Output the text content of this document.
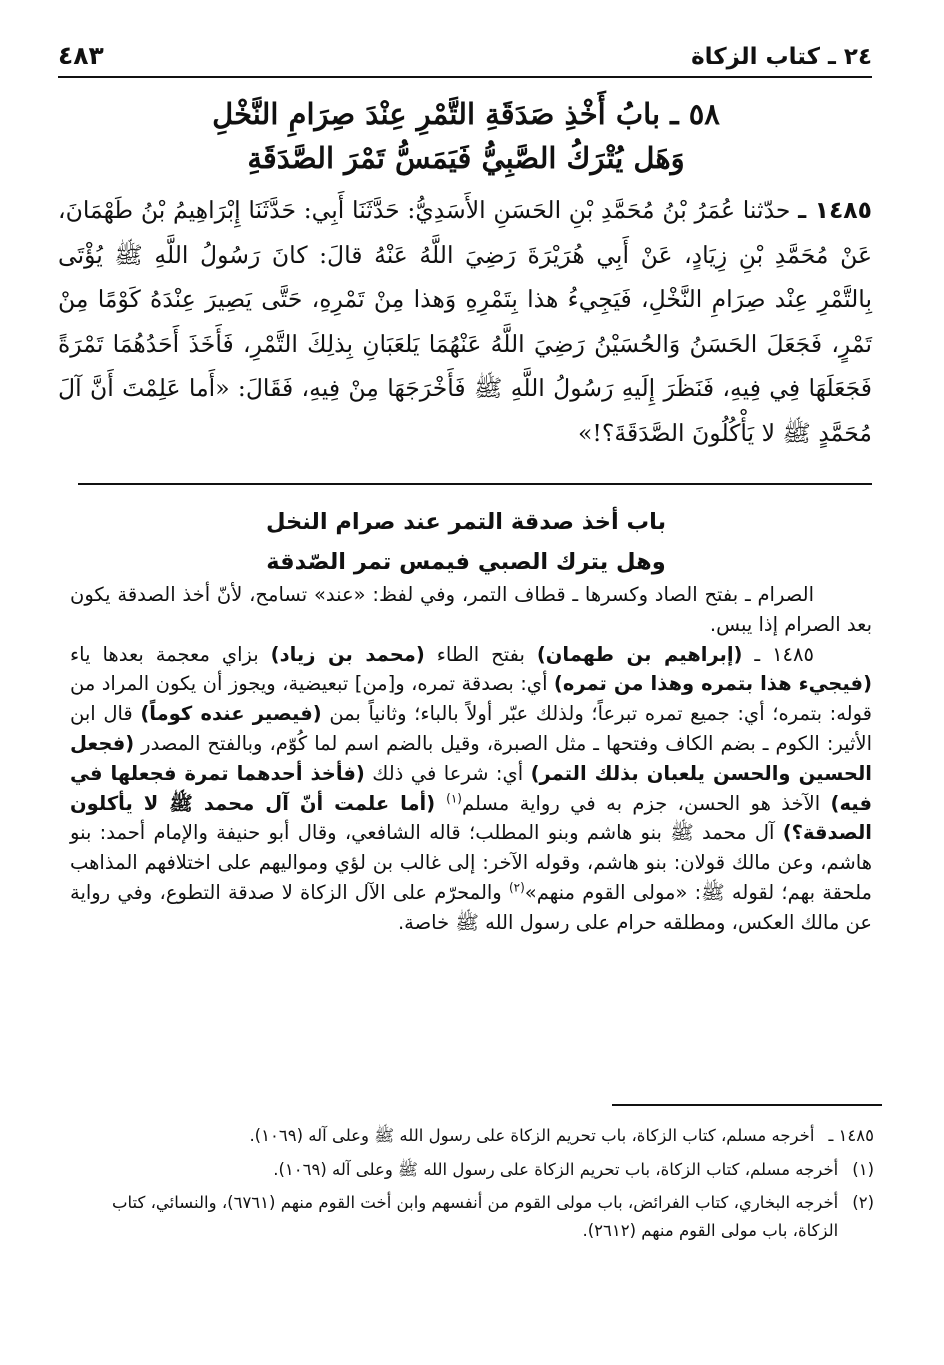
٢٤ ـ كتاب الزكاة
٤٨٣
٥٨ ـ بابُ أَخْذِ صَدَقَةِ التَّمْرِ عِنْدَ صِرَامِ النَّخْلِ
وَهَل يُتْرَكُ الصَّبِيُّ فَيَمَسُّ تَمْرَ الصَّدَقَةِ
١٤٨٥ ـ حدّثنا عُمَرُ بْنُ مُحَمَّدِ بْنِ الحَسَنِ الأَسَدِيُّ: حَدَّثَنَا أَبِي: حَدَّثَنَا إِبْرَاهِيمُ بْنُ طَهْمَانَ، عَنْ مُحَمَّدِ بْنِ زِيَادٍ، عَنْ أَبِي هُرَيْرَةَ رَضِيَ اللَّهُ عَنْهُ قالَ: كانَ رَسُولُ اللَّهِ ﷺ يُؤْتَى بِالتَّمْرِ عِنْد صِرَامِ النَّخْلِ، فَيَجِيءُ هذا بِتَمْرِهِ وَهذا مِنْ تَمْرِهِ، حَتَّى يَصِيرَ عِنْدَهُ كَوْمًا مِنْ تَمْرٍ، فَجَعَلَ الحَسَنُ وَالحُسَيْنُ رَضِيَ اللَّهُ عَنْهُمَا يَلعَبَانِ بِذلِكَ التَّمْرِ، فَأَخَذَ أَحَدُهُمَا تَمْرَةً فَجَعَلَهَا فِي فِيهِ، فَنَظَرَ إِلَيهِ رَسُولُ اللَّهِ ﷺ فَأَخْرَجَهَا مِنْ فِيهِ، فَقَالَ: «أَما عَلِمْتَ أَنَّ آلَ مُحَمَّدٍ ﷺ لا يَأْكُلُونَ الصَّدَقَةَ؟!»
باب أخذ صدقة التمر عند صرام النخل
وهل يترك الصبي فيمس تمر الصّدقة

الصرام ـ بفتح الصاد وكسرها ـ قطاف التمر، وفي لفظ: «عند» تسامح، لأنّ أخذ الصدقة يكون بعد الصرام إذا يبس.

١٤٨٥ ـ (إبراهيم بن طهمان) بفتح الطاء (محمد بن زياد) بزاي معجمة بعدها ياء (فيجيء هذا بتمره وهذا من تمره) أي: بصدقة تمره، و[من] تبعيضية، ويجوز أن يكون المراد من قوله: بتمره؛ أي: جميع تمره تبرعاً؛ ولذلك عبّر أولاً بالباء؛ وثانياً بمن (فيصير عنده كوماً) قال ابن الأثير: الكوم ـ بضم الكاف وفتحها ـ مثل الصبرة، وقيل بالضم اسم لما كُوّم، وبالفتح المصدر (فجعل الحسين والحسن يلعبان بذلك التمر) أي: شرعا في ذلك (فأخذ أحدهما تمرة فجعلها في فيه) الآخذ هو الحسن، جزم به في رواية مسلم$^{(١)}$ (أما علمت أنّ آل محمد ﷺ لا يأكلون الصدقة؟) آل محمد ﷺ بنو هاشم وبنو المطلب؛ قاله الشافعي، وقال أبو حنيفة والإمام أحمد: بنو هاشم، وعن مالك قولان: بنو هاشم، وقوله الآخر: إلى غالب بن لؤي ومواليهم على اختلافهم المذاهب ملحقة بهم؛ لقوله ﷺ: «مولى القوم منهم»$^{(٢)}$ والمحرّم على الآل الزكاة لا صدقة التطوع، وفي رواية عن مالك العكس، ومطلقه حرام على رسول الله ﷺ خاصة.

١٤٨٥ ـ
أخرجه مسلم، كتاب الزكاة، باب تحريم الزكاة على رسول الله ﷺ وعلى آله (١٠٦٩).
(١)
أخرجه مسلم، كتاب الزكاة، باب تحريم الزكاة على رسول الله ﷺ وعلى آله (١٠٦٩).
(٢)
أخرجه البخاري، كتاب الفرائض، باب مولى القوم من أنفسهم وابن أخت القوم منهم (٦٧٦١)، والنسائي، كتاب الزكاة، باب مولى القوم منهم (٢٦١٢).
